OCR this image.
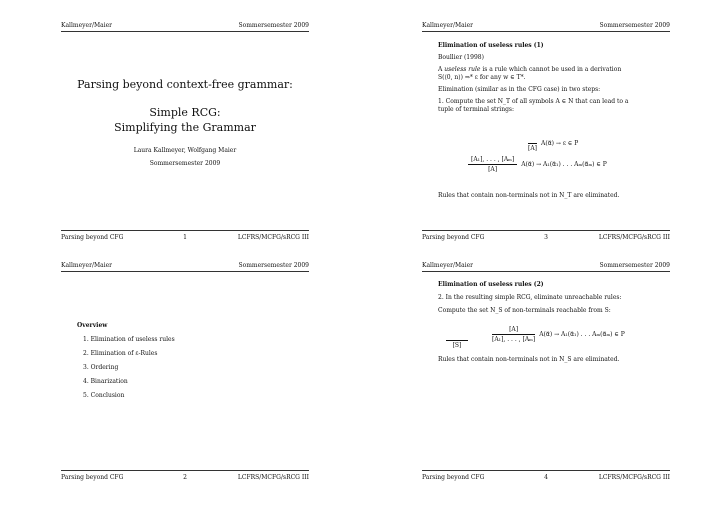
Kallmeyer/Maier	Sommersemester 2009
Parsing beyond context-free grammar:
Simple RCG:
Simplifying the Grammar
Laura Kallmeyer, Wolfgang Maier
Sommersemester 2009
Parsing beyond CFG	1	LCFRS/MCFG/sRCG III
Kallmeyer/Maier	Sommersemester 2009

Elimination of useless rules (1)

Boullier (1998)

A useless rule is a rule which cannot be used in a derivation

S(⟨0, n⟩) ⇒* ε for any w ∈ T*.

Elimination (similar as in the CFG case) in two steps:

1. Compute the set N_T of all symbols A ∈ N that can lead to a

tuple of terminal strings:

[A]
A(α⃗) → ε ∈ P
$\frac{\text{[A₁], . . . , [Aₘ]}}{[A]}$ A(α⃗) → A₁(α⃗₁) . . . Aₘ(α⃗ₘ) ∈ P

Rules that contain non-terminals not in N_T are eliminated.

Parsing beyond CFG	3	LCFRS/MCFG/sRCG III
Kallmeyer/Maier	Sommersemester 2009

Overview

1. Elimination of useless rules
2. Elimination of ε-Rules
3. Ordering
4. Binarization
5. Conclusion
Parsing beyond CFG	2	LCFRS/MCFG/sRCG III
Kallmeyer/Maier	Sommersemester 2009

Elimination of useless rules (2)

2. In the resulting simple RCG, eliminate unreachable rules:

Compute the set N_S of non-terminals reachable from S:

[S]
$\frac{[A]}{\text{[A₁], . . . , [Aₘ]}}$ A(α⃗) → A₁(α⃗₁) . . . Aₘ(α⃗ₘ) ∈ P

Rules that contain non-terminals not in N_S are eliminated.

Parsing beyond CFG	4	LCFRS/MCFG/sRCG III
